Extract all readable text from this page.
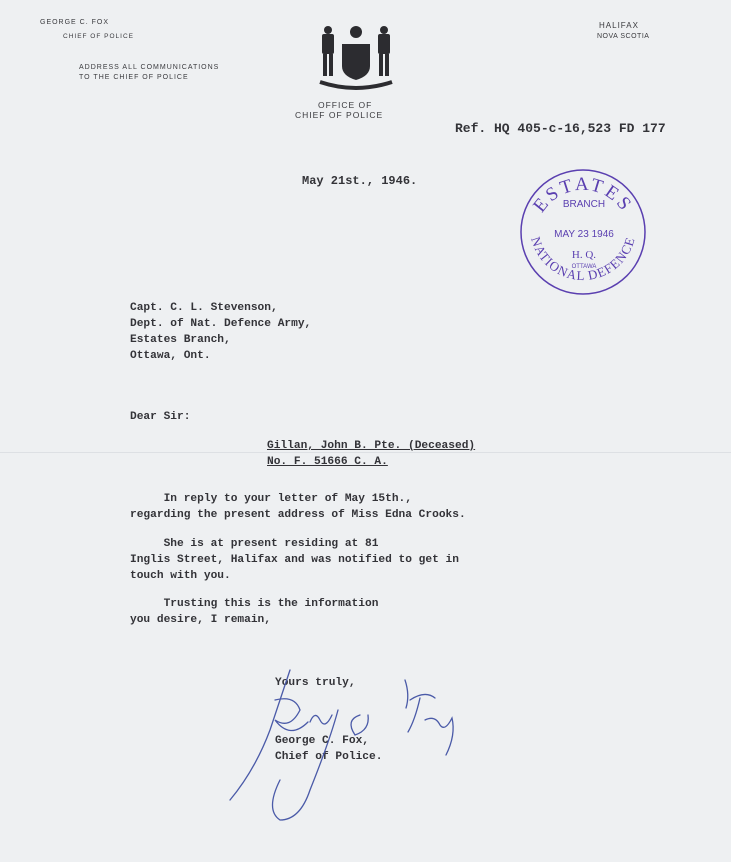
GEORGE C. FOX
CHIEF OF POLICE
ADDRESS ALL COMMUNICATIONS
TO THE CHIEF OF POLICE
OFFICE OF
CHIEF OF POLICE
HALIFAX
NOVA SCOTIA
Ref. HQ 405-c-16,523 FD 177
May 21st., 1946.
ESTATES
NATIONAL DEFENCE
BRANCH
MAY 23 1946
H. Q.
OTTAWA
Capt. C. L. Stevenson,
Dept. of Nat. Defence Army,
Estates Branch,
Ottawa, Ont.
Dear Sir:
Gillan, John B. Pte. (Deceased)
No. F. 51666 C. A.
In reply to your letter of May 15th.,
regarding the present address of Miss Edna Crooks.
She is at present residing at 81
Inglis Street, Halifax and was notified to get in
touch with you.
Trusting this is the information
you desire, I remain,
Yours truly,
George C. Fox,
Chief of Police.
